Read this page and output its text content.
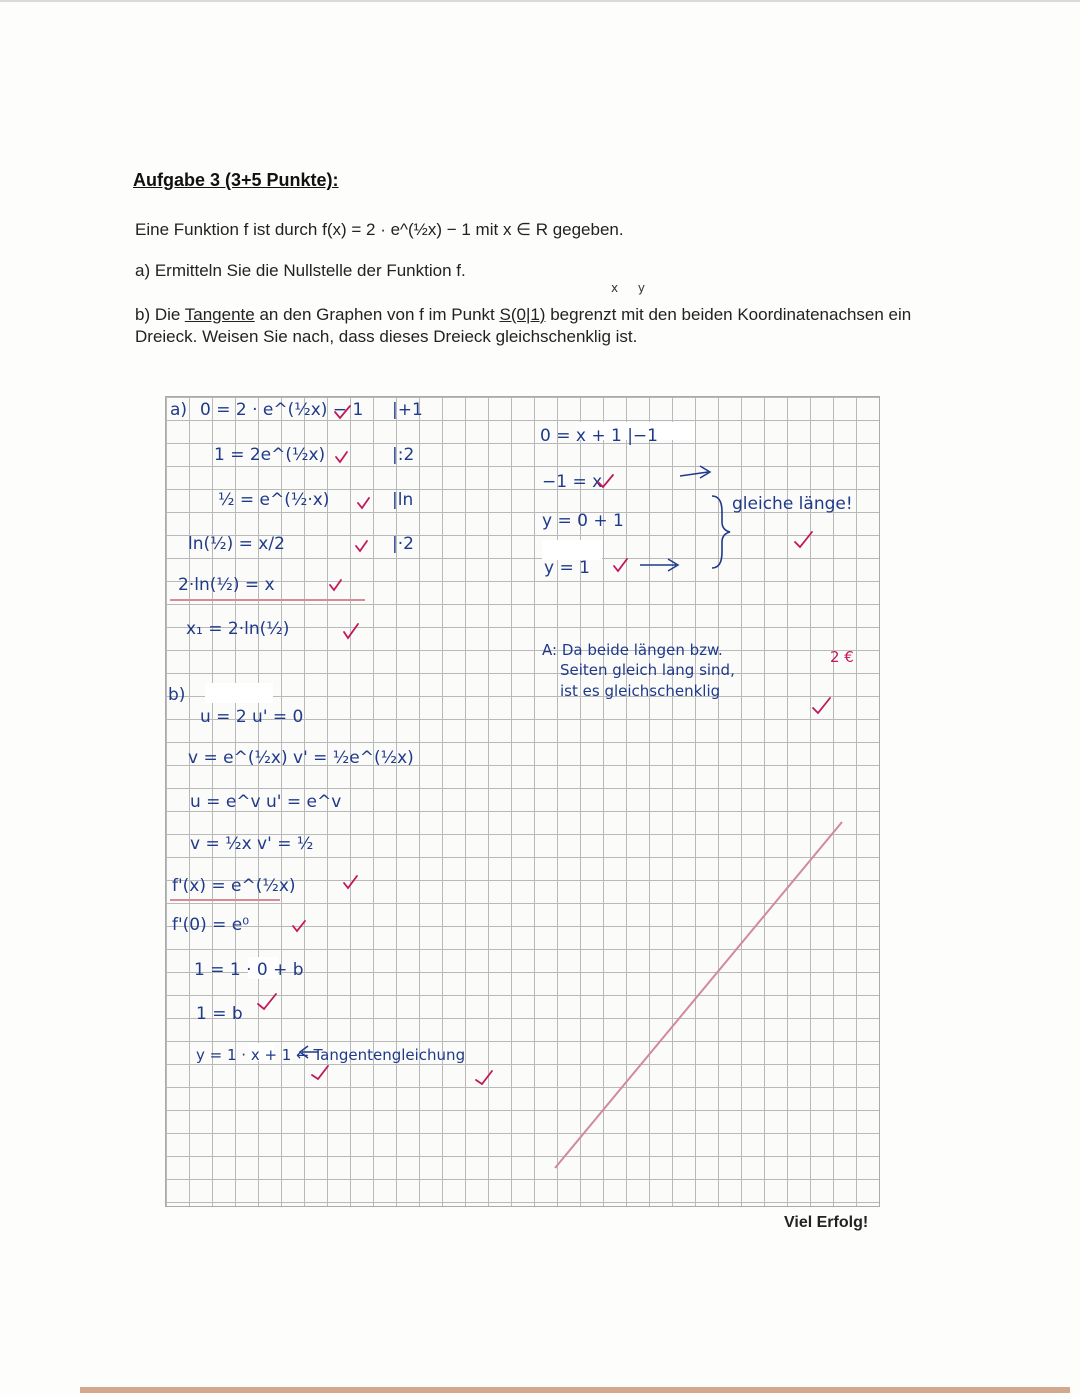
Aufgabe 3 (3+5 Punkte):
Eine Funktion f ist durch f(x) = 2 · e^(½x) − 1 mit x ∈ R gegeben.
a) Ermitteln Sie die Nullstelle der Funktion f.
x y
b) Die Tangente an den Graphen von f im Punkt S(0|1) begrenzt mit den beiden Koordinatenachsen ein Dreieck. Weisen Sie nach, dass dieses Dreieck gleichschenklig ist.
a) 0 = 2 · e^(½x) − 1 |+1
1 = 2e^(½x)	|:2
½ = e^(½·x)	|ln
ln(½) = x/2	|·2
2·ln(½) = x
x₁ = 2·ln(½)
b)
u = 2 u' = 0
v = e^(½x) v' = ½e^(½x)
u = e^v u' = e^v
v = ½x v' = ½
f'(x) = e^(½x)
f'(0) = e⁰
1 = 1 · 0 + b
1 = b
y = 1 · x + 1 ← Tangentengleichung
0 = x + 1 |−1
−1 = x
y = 0 + 1
y = 1
gleiche länge!
A: Da beide längen bzw.
Seiten gleich lang sind,
ist es gleichschenklig
2 €
Viel Erfolg!
